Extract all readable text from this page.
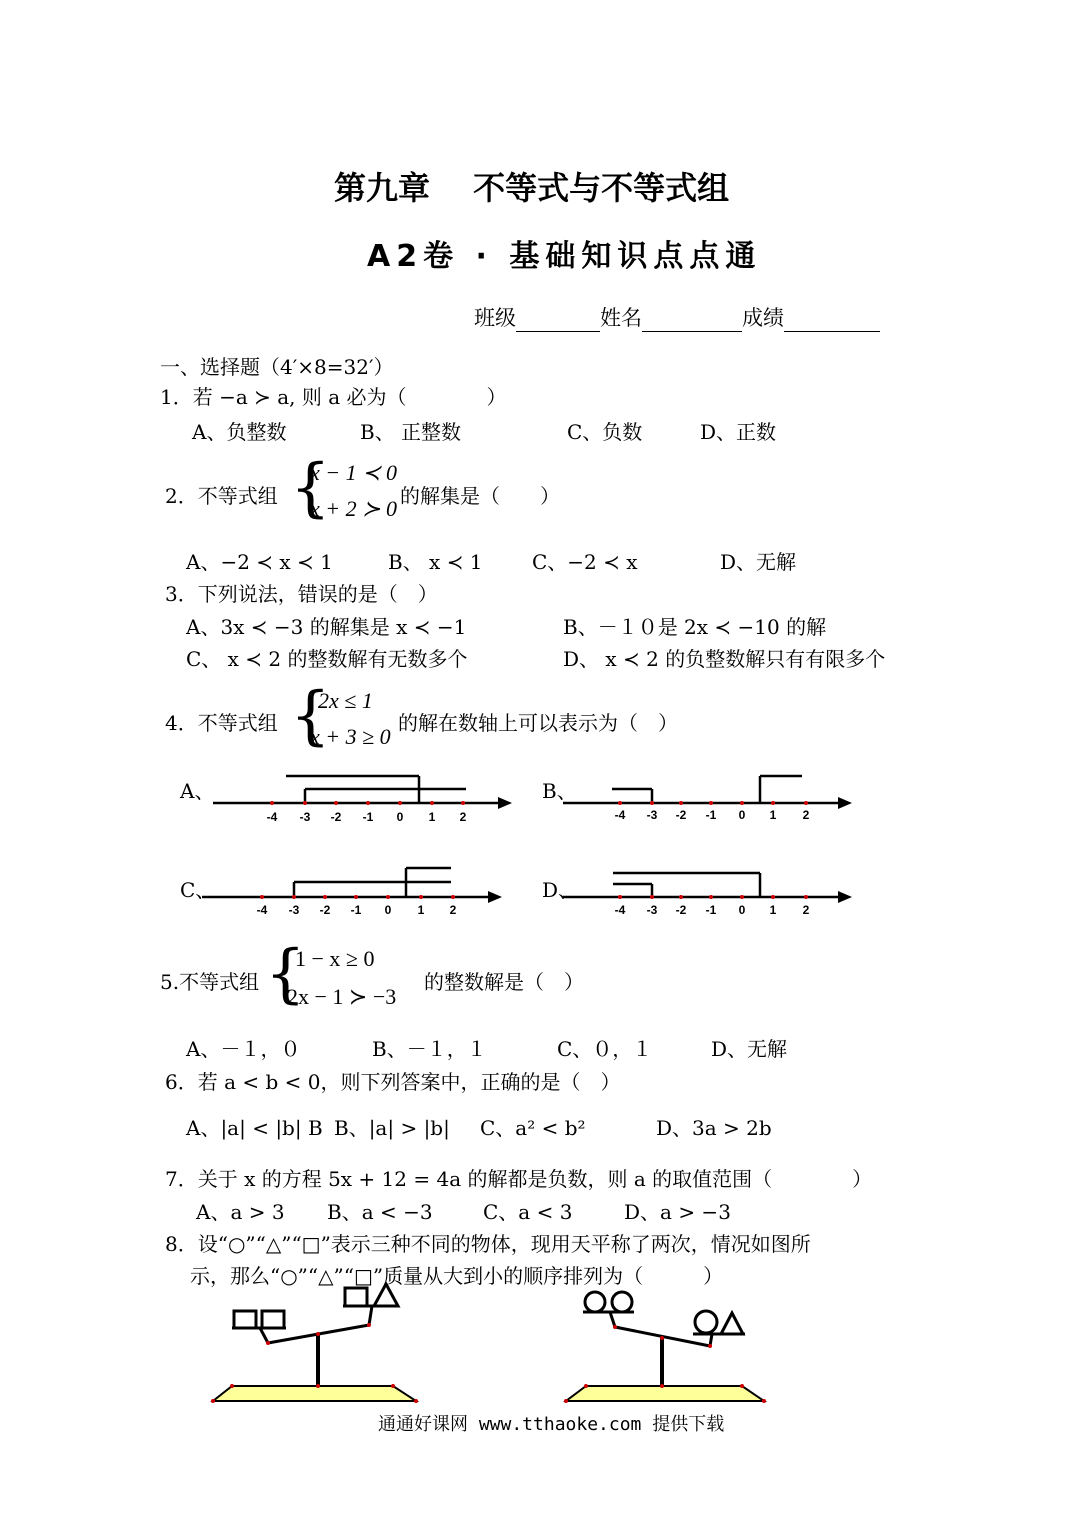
第九章　 不等式与不等式组
A2卷 · 基础知识点点通
班级	姓名	成绩
一、选择题（4′×8=32′）
1．若 −a ≻ a, 则 a 必为（　　　　）
A、负整数	B、 正整数	C、负数	D、正数
2．不等式组 {
x − 1 ≺ 0
x + 2 ≻ 0 的解集是（　　）
A、−2 ≺ x ≺ 1	B、 x ≺ 1 C、−2 ≺ x	D、无解
3．下列说法，错误的是（　）
A、3x ≺ −3 的解集是 x ≺ −1	B、－１０是 2x ≺ −10 的解
C、 x ≺ 2 的整数解有无数多个	D、 x ≺ 2 的负整数解只有有限多个
4．不等式组 {
2x ≤ 1
x + 3 ≥ 0
的解在数轴上可以表示为（　）
A、	B、
C、	D、
-4 -3 -2 -1 0 1 2	-4 -3 -2 -1 0 1 2
-4 -3 -2 -1 0 1 2	-4 -3 -2 -1 0 1 2
5.不等式组 {
1 − x ≥ 0
2x − 1 ≻ −3
的整数解是（　）
A、－１，０	B、－１，１	C、０，１	D、无解
6．若 a < b < 0，则下列答案中，正确的是（　）
A、|a| < |b| B B、|a| > |b| C、a² < b²	D、3a > 2b
7．关于 x 的方程 5x + 12 = 4a 的解都是负数，则 a 的取值范围（　　　　）
A、a > 3 B、a < −3	C、a < 3	D、a > −3
8．设“○”“△”“□”表示三种不同的物体，现用天平称了两次，情况如图所
示，那么“○”“△”“□”质量从大到小的顺序排列为（　　　）
通通好课网 www.tthaoke.com 提供下载
